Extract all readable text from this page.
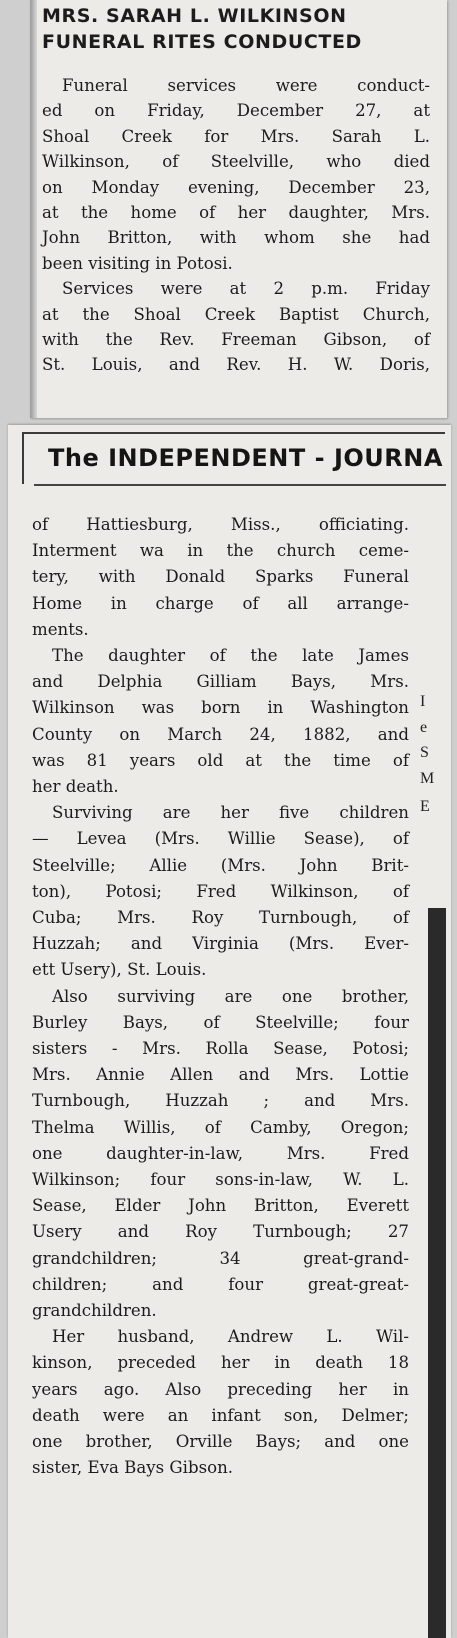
MRS. SARAH L. WILKINSON
FUNERAL RITES CONDUCTED
Funeral services were conduct-
ed on Friday, December 27, at
Shoal Creek for Mrs. Sarah L.
Wilkinson, of Steelville, who died
on Monday evening, December 23,
at the home of her daughter, Mrs.
John Britton, with whom she had
been visiting in Potosi.
Services were at 2 p.m. Friday
at the Shoal Creek Baptist Church,
with the Rev. Freeman Gibson, of
St. Louis, and Rev. H. W. Doris,
The INDEPENDENT - JOURNA
of Hattiesburg, Miss., officiating.
Interment wa in the church ceme-
tery, with Donald Sparks Funeral
Home in charge of all arrange-
ments.
The daughter of the late James
and Delphia Gilliam Bays, Mrs.
Wilkinson was born in Washington
County on March 24, 1882, and
was 81 years old at the time of
her death.
Surviving are her five children
— Levea (Mrs. Willie Sease), of
Steelville; Allie (Mrs. John Brit-
ton), Potosi; Fred Wilkinson, of
Cuba; Mrs. Roy Turnbough, of
Huzzah; and Virginia (Mrs. Ever-
ett Usery), St. Louis.
Also surviving are one brother,
Burley Bays, of Steelville; four
sisters - Mrs. Rolla Sease, Potosi;
Mrs. Annie Allen and Mrs. Lottie
Turnbough, Huzzah ; and Mrs.
Thelma Willis, of Camby, Oregon;
one daughter-in-law, Mrs. Fred
Wilkinson; four sons-in-law, W. L.
Sease, Elder John Britton, Everett
Usery and Roy Turnbough; 27
grandchildren; 34 great-grand-
children; and four great-great-
grandchildren.
Her husband, Andrew L. Wil-
kinson, preceded her in death 18
years ago. Also preceding her in
death were an infant son, Delmer;
one brother, Orville Bays; and one
sister, Eva Bays Gibson.
I
e
S
M
E
